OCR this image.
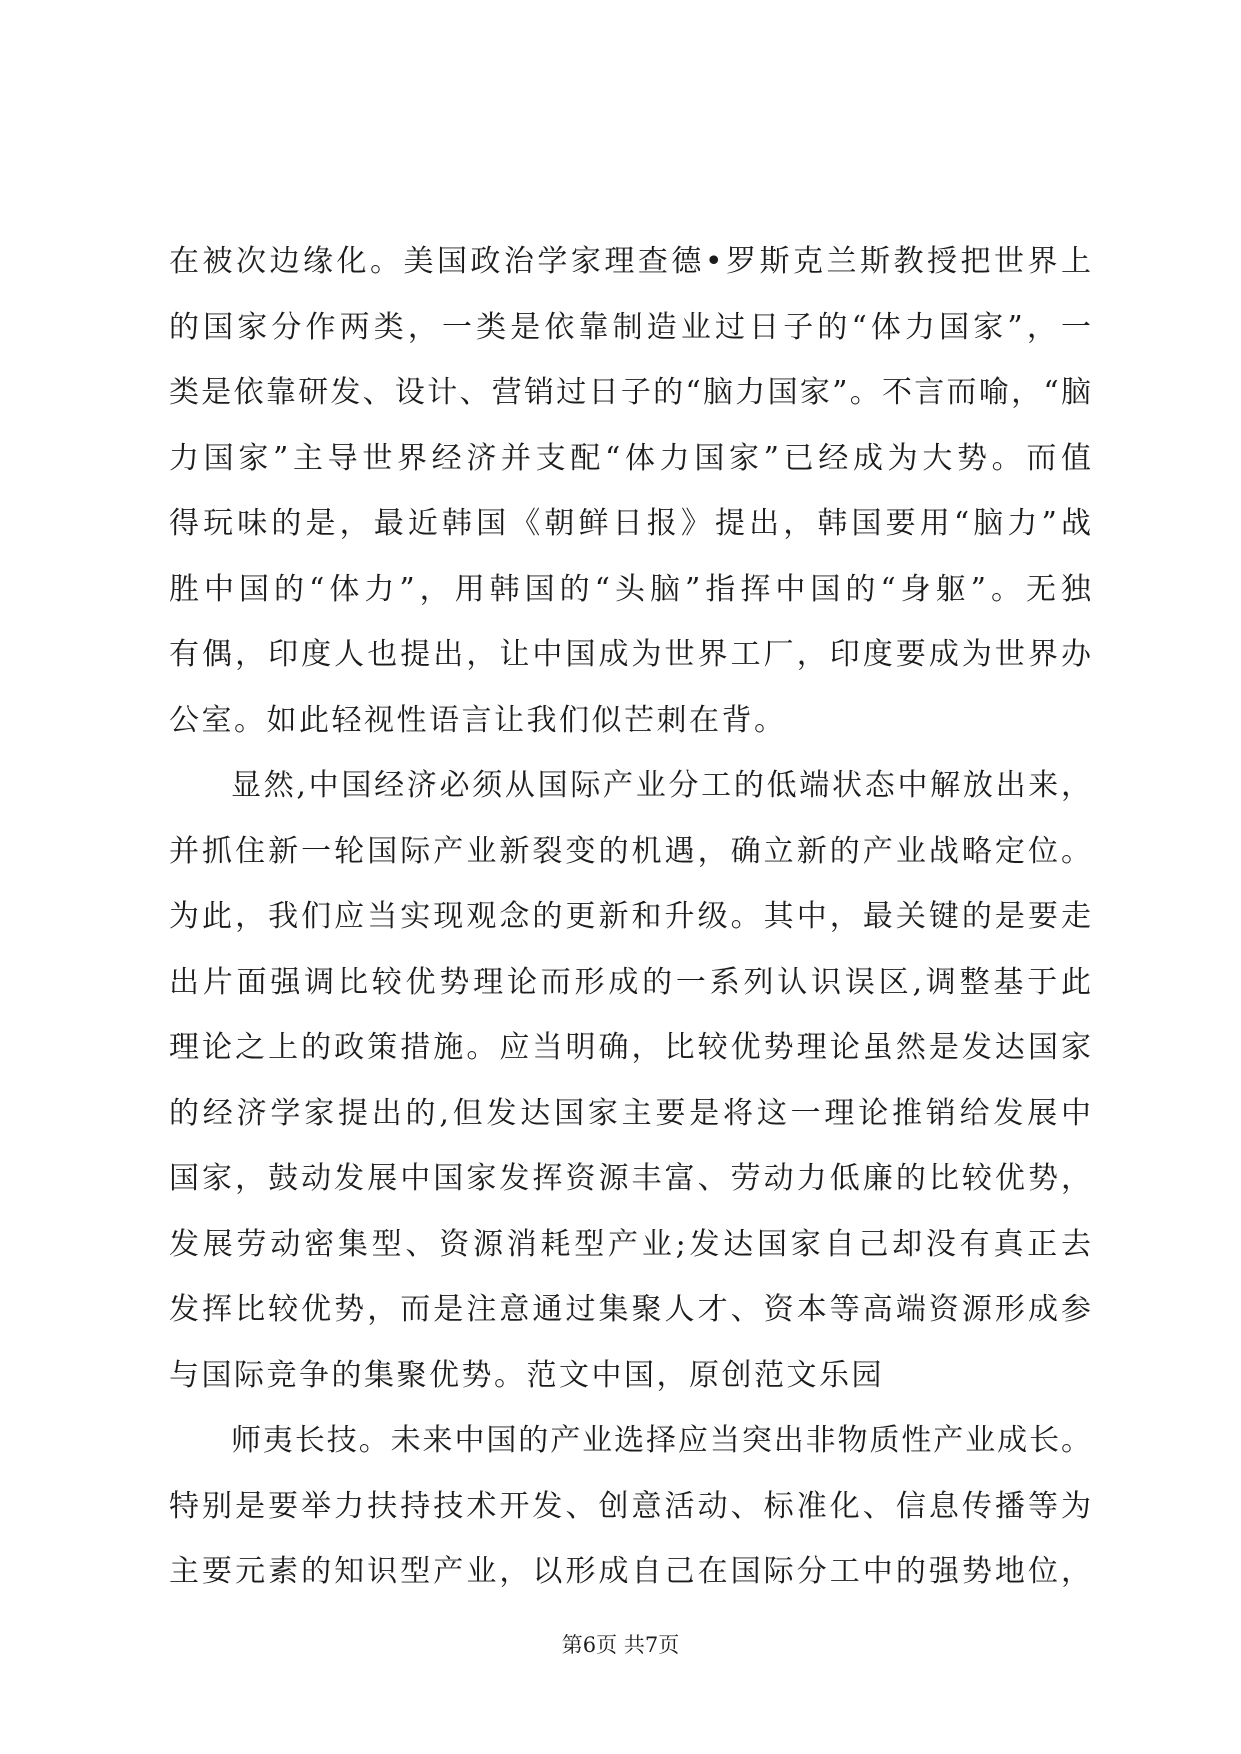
在被次边缘化。美国政治学家理查德•罗斯克兰斯教授把世界上
的国家分作两类，一类是依靠制造业过日子的“体力国家”，一
类是依靠研发、设计、营销过日子的“脑力国家”。不言而喻，“脑
力国家”主导世界经济并支配“体力国家”已经成为大势。而值
得玩味的是，最近韩国《朝鲜日报》提出，韩国要用“脑力”战
胜中国的“体力”，用韩国的“头脑”指挥中国的“身躯”。无独
有偶，印度人也提出，让中国成为世界工厂，印度要成为世界办
公室。如此轻视性语言让我们似芒刺在背。
显然,中国经济必须从国际产业分工的低端状态中解放出来，
并抓住新一轮国际产业新裂变的机遇，确立新的产业战略定位。
为此，我们应当实现观念的更新和升级。其中，最关键的是要走
出片面强调比较优势理论而形成的一系列认识误区,调整基于此
理论之上的政策措施。应当明确，比较优势理论虽然是发达国家
的经济学家提出的,但发达国家主要是将这一理论推销给发展中
国家，鼓动发展中国家发挥资源丰富、劳动力低廉的比较优势，
发展劳动密集型、资源消耗型产业;发达国家自己却没有真正去
发挥比较优势，而是注意通过集聚人才、资本等高端资源形成参
与国际竞争的集聚优势。范文中国，原创范文乐园
师夷长技。未来中国的产业选择应当突出非物质性产业成长。
特别是要举力扶持技术开发、创意活动、标准化、信息传播等为
主要元素的知识型产业，以形成自己在国际分工中的强势地位，
第6页 共7页
